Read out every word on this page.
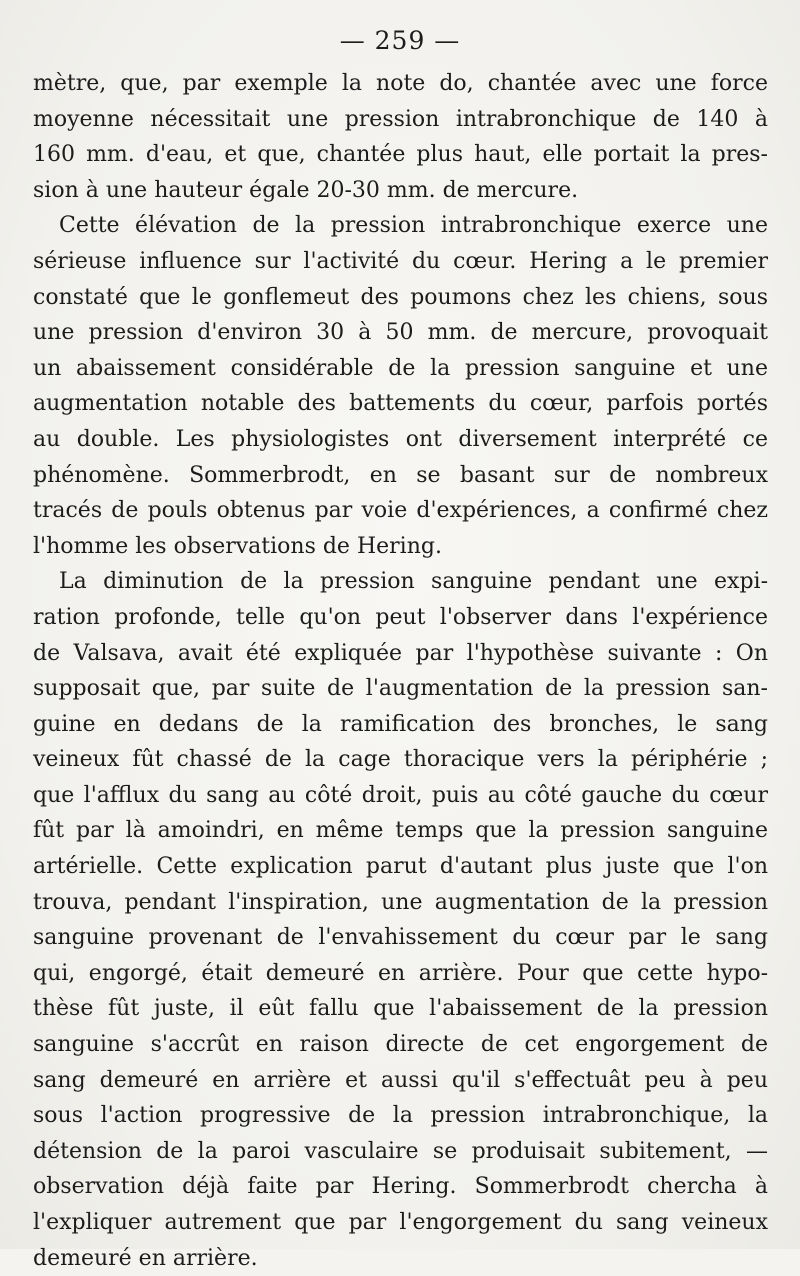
— 259 —
mètre, que, par exemple la note do, chantée avec une force
moyenne nécessitait une pression intrabronchique de 140 à
160 mm. d'eau, et que, chantée plus haut, elle portait la pres-
sion à une hauteur égale 20-30 mm. de mercure.
Cette élévation de la pression intrabronchique exerce une
sérieuse influence sur l'activité du cœur. Hering a le premier
constaté que le gonflemeut des poumons chez les chiens, sous
une pression d'environ 30 à 50 mm. de mercure, provoquait
un abaissement considérable de la pression sanguine et une
augmentation notable des battements du cœur, parfois portés
au double. Les physiologistes ont diversement interprété ce
phénomène. Sommerbrodt, en se basant sur de nombreux
tracés de pouls obtenus par voie d'expériences, a confirmé chez
l'homme les observations de Hering.
La diminution de la pression sanguine pendant une expi-
ration profonde, telle qu'on peut l'observer dans l'expérience
de Valsava, avait été expliquée par l'hypothèse suivante : On
supposait que, par suite de l'augmentation de la pression san-
guine en dedans de la ramification des bronches, le sang
veineux fût chassé de la cage thoracique vers la périphérie ;
que l'afflux du sang au côté droit, puis au côté gauche du cœur
fût par là amoindri, en même temps que la pression sanguine
artérielle. Cette explication parut d'autant plus juste que l'on
trouva, pendant l'inspiration, une augmentation de la pression
sanguine provenant de l'envahissement du cœur par le sang
qui, engorgé, était demeuré en arrière. Pour que cette hypo-
thèse fût juste, il eût fallu que l'abaissement de la pression
sanguine s'accrût en raison directe de cet engorgement de
sang demeuré en arrière et aussi qu'il s'effectuât peu à peu
sous l'action progressive de la pression intrabronchique, la
détension de la paroi vasculaire se produisait subitement, —
observation déjà faite par Hering. Sommerbrodt chercha à
l'expliquer autrement que par l'engorgement du sang veineux
demeuré en arrière.
